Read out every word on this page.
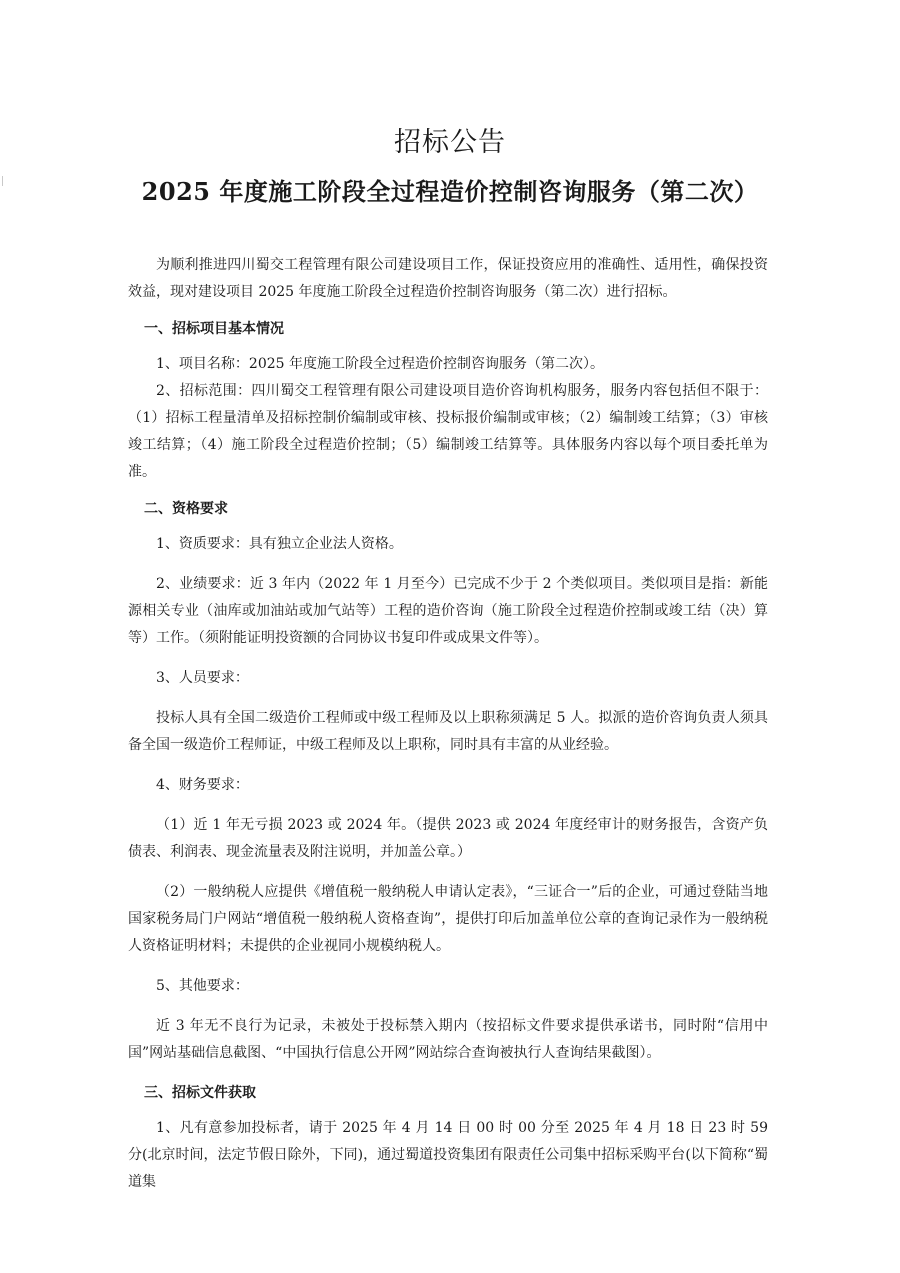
招标公告
2025 年度施工阶段全过程造价控制咨询服务（第二次）

为顺利推进四川蜀交工程管理有限公司建设项目工作，保证投资应用的准确性、适用性，确保投资效益，现对建设项目 2025 年度施工阶段全过程造价控制咨询服务（第二次）进行招标。

一、招标项目基本情况

1、项目名称：2025 年度施工阶段全过程造价控制咨询服务（第二次）。

2、招标范围：四川蜀交工程管理有限公司建设项目造价咨询机构服务，服务内容包括但不限于：（1）招标工程量清单及招标控制价编制或审核、投标报价编制或审核；（2）编制竣工结算；（3）审核竣工结算；（4）施工阶段全过程造价控制；（5）编制竣工结算等。具体服务内容以每个项目委托单为准。

二、资格要求

1、资质要求：具有独立企业法人资格。

2、业绩要求：近 3 年内（2022 年 1 月至今）已完成不少于 2 个类似项目。类似项目是指：新能源相关专业（油库或加油站或加气站等）工程的造价咨询（施工阶段全过程造价控制或竣工结（决）算等）工作。（须附能证明投资额的合同协议书复印件或成果文件等）。

3、人员要求：

投标人具有全国二级造价工程师或中级工程师及以上职称须满足 5 人。拟派的造价咨询负责人须具备全国一级造价工程师证，中级工程师及以上职称，同时具有丰富的从业经验。

4、财务要求：

（1）近 1 年无亏损 2023 或 2024 年。（提供 2023 或 2024 年度经审计的财务报告，含资产负债表、利润表、现金流量表及附注说明，并加盖公章。）

（2）一般纳税人应提供《增值税一般纳税人申请认定表》，“三证合一”后的企业，可通过登陆当地国家税务局门户网站“增值税一般纳税人资格查询”，提供打印后加盖单位公章的查询记录作为一般纳税人资格证明材料；未提供的企业视同小规模纳税人。

5、其他要求：

近 3 年无不良行为记录，未被处于投标禁入期内（按招标文件要求提供承诺书，同时附“信用中国”网站基础信息截图、“中国执行信息公开网”网站综合查询被执行人查询结果截图）。

三、招标文件获取

1、凡有意参加投标者，请于 2025 年 4 月 14 日 00 时 00 分至 2025 年 4 月 18 日 23 时 59 分(北京时间，法定节假日除外，下同)，通过蜀道投资集团有限责任公司集中招标采购平台(以下简称“蜀道集
